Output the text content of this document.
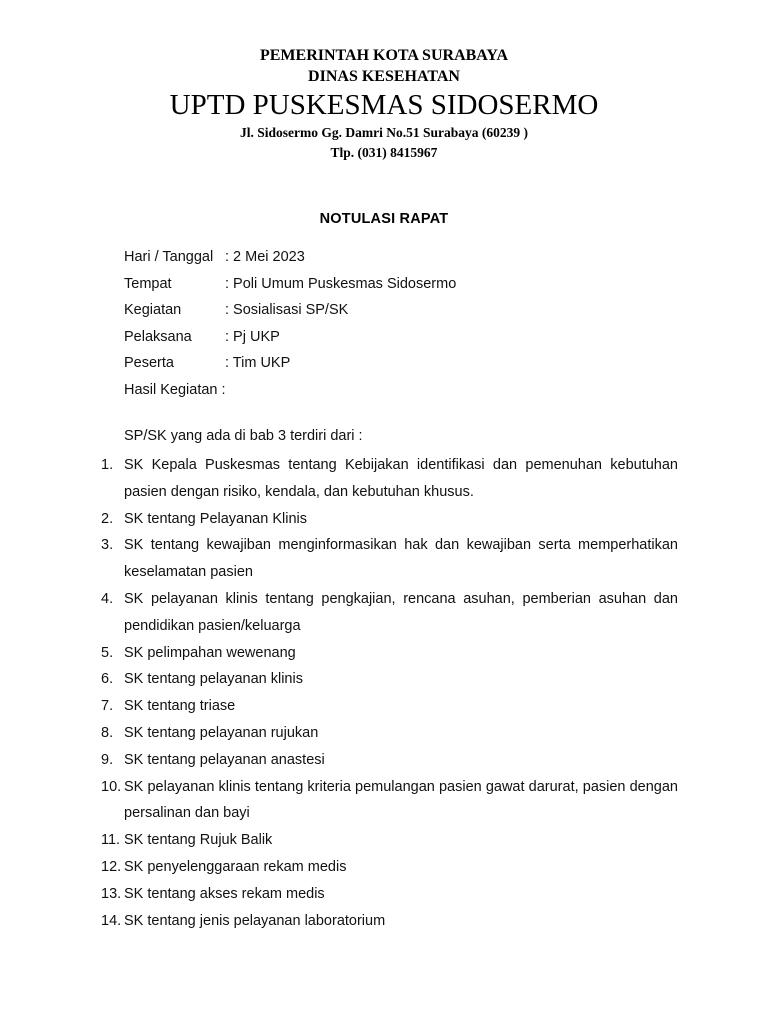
PEMERINTAH KOTA SURABAYA
DINAS KESEHATAN
UPTD PUSKESMAS SIDOSERMO
Jl. Sidosermo Gg. Damri No.51 Surabaya (60239 )
Tlp. (031) 8415967
NOTULASI RAPAT
Hari / Tanggal : 2 Mei 2023
Tempat	: Poli Umum Puskesmas Sidosermo
Kegiatan	: Sosialisasi SP/SK
Pelaksana	: Pj UKP
Peserta	: Tim UKP
Hasil Kegiatan :
SP/SK yang ada di bab 3 terdiri dari :
1. SK Kepala Puskesmas tentang Kebijakan identifikasi dan pemenuhan kebutuhan pasien dengan risiko, kendala, dan kebutuhan khusus.
2. SK tentang Pelayanan Klinis
3. SK tentang kewajiban menginformasikan hak dan kewajiban serta memperhatikan keselamatan pasien
4. SK pelayanan klinis tentang pengkajian, rencana asuhan, pemberian asuhan dan pendidikan pasien/keluarga
5. SK pelimpahan wewenang
6. SK tentang pelayanan klinis
7. SK tentang triase
8. SK tentang pelayanan rujukan
9. SK tentang pelayanan anastesi
10. SK pelayanan klinis tentang kriteria pemulangan pasien gawat darurat, pasien dengan persalinan dan bayi
11. SK tentang Rujuk Balik
12. SK penyelenggaraan rekam medis
13. SK tentang akses rekam medis
14. SK tentang jenis pelayanan laboratorium
